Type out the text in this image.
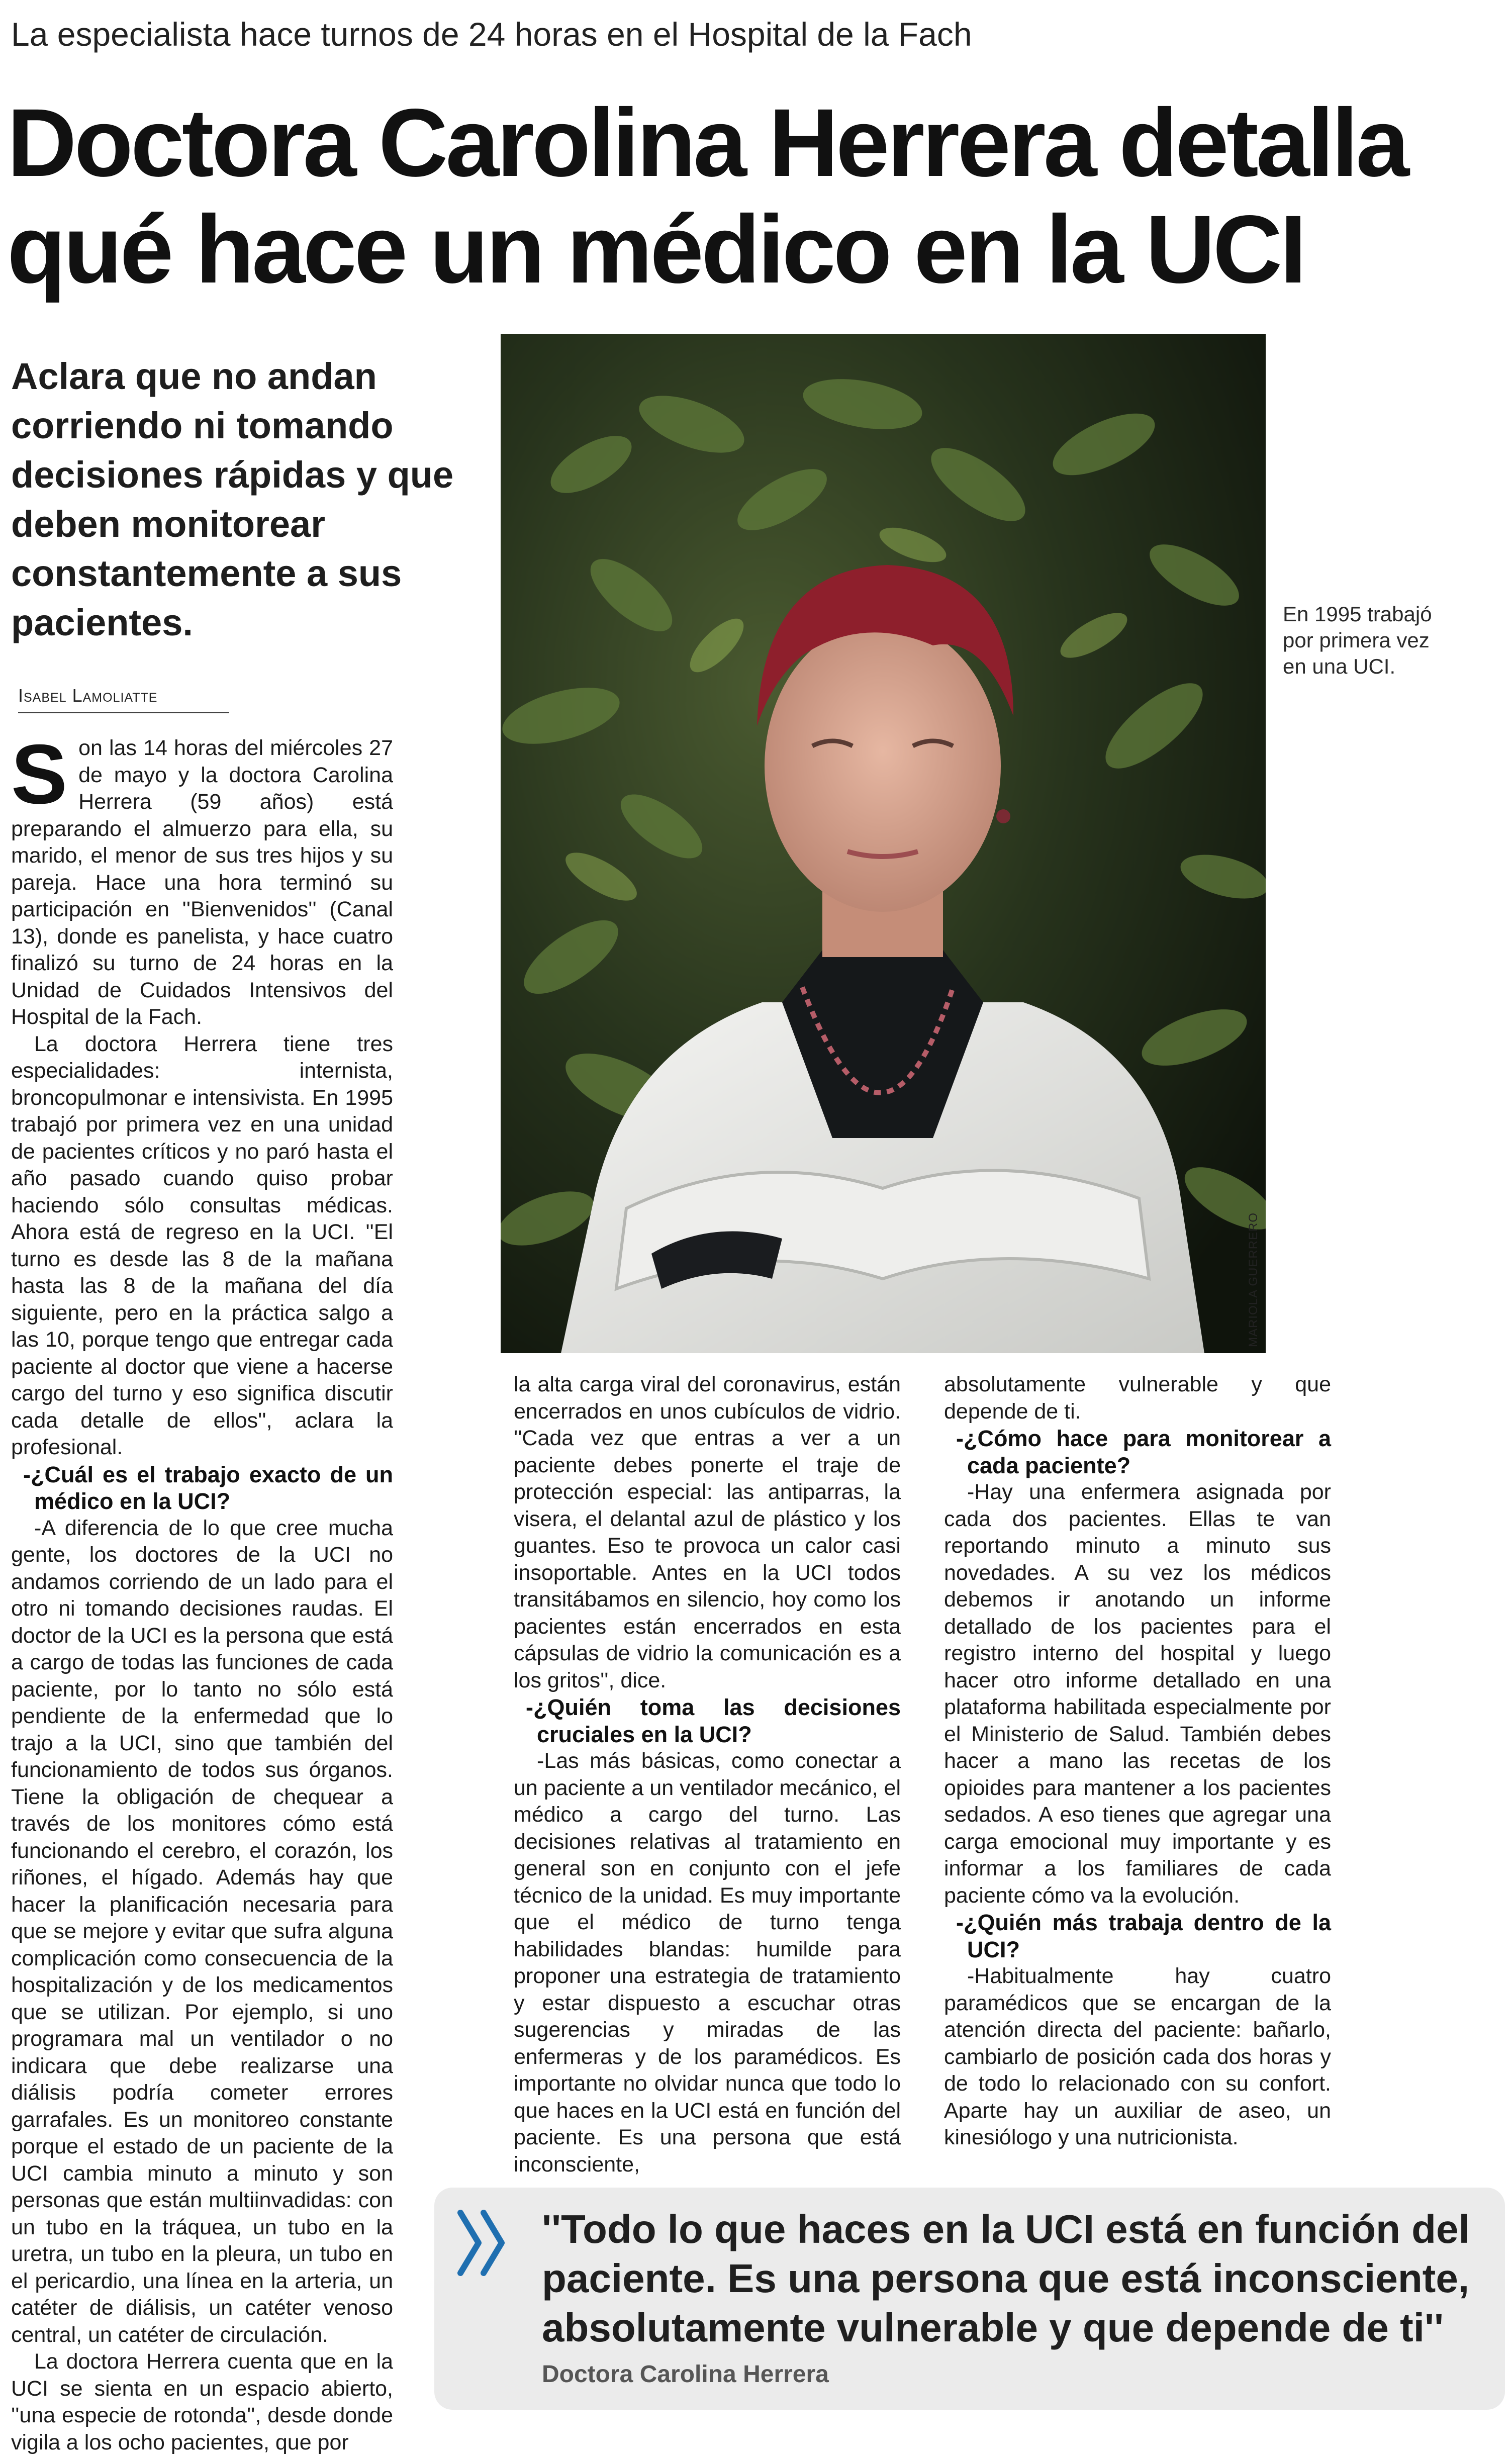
La especialista hace turnos de 24 horas en el Hospital de la Fach
Doctora Carolina Herrera detalla
qué hace un médico en la UCI

Aclara que no andan corriendo ni tomando decisiones rápidas y que deben monitorear constantemente a sus pacientes.

Isabel Lamoliatte
En 1995 trabajó por primera vez en una UCI.
MARIOLA GUERRERO

Son las 14 horas del miércoles 27 de mayo y la doctora Carolina Herrera (59 años) está preparando el almuerzo para ella, su marido, el menor de sus tres hijos y su pareja. Hace una hora terminó su participación en ''Bienvenidos'' (Canal 13), donde es panelista, y hace cuatro finalizó su turno de 24 horas en la Unidad de Cuidados Intensivos del Hospital de la Fach.

La doctora Herrera tiene tres especialidades: internista, broncopulmonar e intensivista. En 1995 trabajó por primera vez en una unidad de pacientes críticos y no paró hasta el año pasado cuando quiso probar haciendo sólo consultas médicas. Ahora está de regreso en la UCI. ''El turno es desde las 8 de la mañana hasta las 8 de la mañana del día siguiente, pero en la práctica salgo a las 10, porque tengo que entregar cada paciente al doctor que viene a hacerse cargo del turno y eso significa discutir cada detalle de ellos'', aclara la profesional.

-¿Cuál es el trabajo exacto de un médico en la UCI?

-A diferencia de lo que cree mucha gente, los doctores de la UCI no andamos corriendo de un lado para el otro ni tomando decisiones raudas. El doctor de la UCI es la persona que está a cargo de todas las funciones de cada paciente, por lo tanto no sólo está pendiente de la enfermedad que lo trajo a la UCI, sino que también del funcionamiento de todos sus órganos. Tiene la obligación de chequear a través de los monitores cómo está funcionando el cerebro, el corazón, los riñones, el hígado. Además hay que hacer la planificación necesaria para que se mejore y evitar que sufra alguna complicación como consecuencia de la hospitalización y de los medicamentos que se utilizan. Por ejemplo, si uno programara mal un ventilador o no indicara que debe realizarse una diálisis podría cometer errores garrafales. Es un monitoreo constante porque el estado de un paciente de la UCI cambia minuto a minuto y son personas que están multiinvadidas: con un tubo en la tráquea, un tubo en la uretra, un tubo en la pleura, un tubo en el pericardio, una línea en la arteria, un catéter de diálisis, un catéter venoso central, un catéter de circulación.

La doctora Herrera cuenta que en la UCI se sienta en un espacio abierto, ''una especie de rotonda'', desde donde vigila a los ocho pacientes, que por

la alta carga viral del coronavirus, están encerrados en unos cubículos de vidrio. ''Cada vez que entras a ver a un paciente debes ponerte el traje de protección especial: las antiparras, la visera, el delantal azul de plástico y los guantes. Eso te provoca un calor casi insoportable. Antes en la UCI todos transitábamos en silencio, hoy como los pacientes están encerrados en esta cápsulas de vidrio la comunicación es a los gritos'', dice.

-¿Quién toma las decisiones cruciales en la UCI?

-Las más básicas, como conectar a un paciente a un ventilador mecánico, el médico a cargo del turno. Las decisiones relativas al tratamiento en general son en conjunto con el jefe técnico de la unidad. Es muy importante que el médico de turno tenga habilidades blandas: humilde para proponer una estrategia de tratamiento y estar dispuesto a escuchar otras sugerencias y miradas de las enfermeras y de los paramédicos. Es importante no olvidar nunca que todo lo que haces en la UCI está en función del paciente. Es una persona que está inconsciente,

absolutamente vulnerable y que depende de ti.

-¿Cómo hace para monitorear a cada paciente?

-Hay una enfermera asignada por cada dos pacientes. Ellas te van reportando minuto a minuto sus novedades. A su vez los médicos debemos ir anotando un informe detallado de los pacientes para el registro interno del hospital y luego hacer otro informe detallado en una plataforma habilitada especialmente por el Ministerio de Salud. También debes hacer a mano las recetas de los opioides para mantener a los pacientes sedados. A eso tienes que agregar una carga emocional muy importante y es informar a los familiares de cada paciente cómo va la evolución.

-¿Quién más trabaja dentro de la UCI?

-Habitualmente hay cuatro paramédicos que se encargan de la atención directa del paciente: bañarlo, cambiarlo de posición cada dos horas y de todo lo relacionado con su confort. Aparte hay un auxiliar de aseo, un kinesiólogo y una nutricionista.

''Todo lo que haces en la UCI está en función del paciente. Es una persona que está inconsciente, absolutamente vulnerable y que depende de ti''

Doctora Carolina Herrera
